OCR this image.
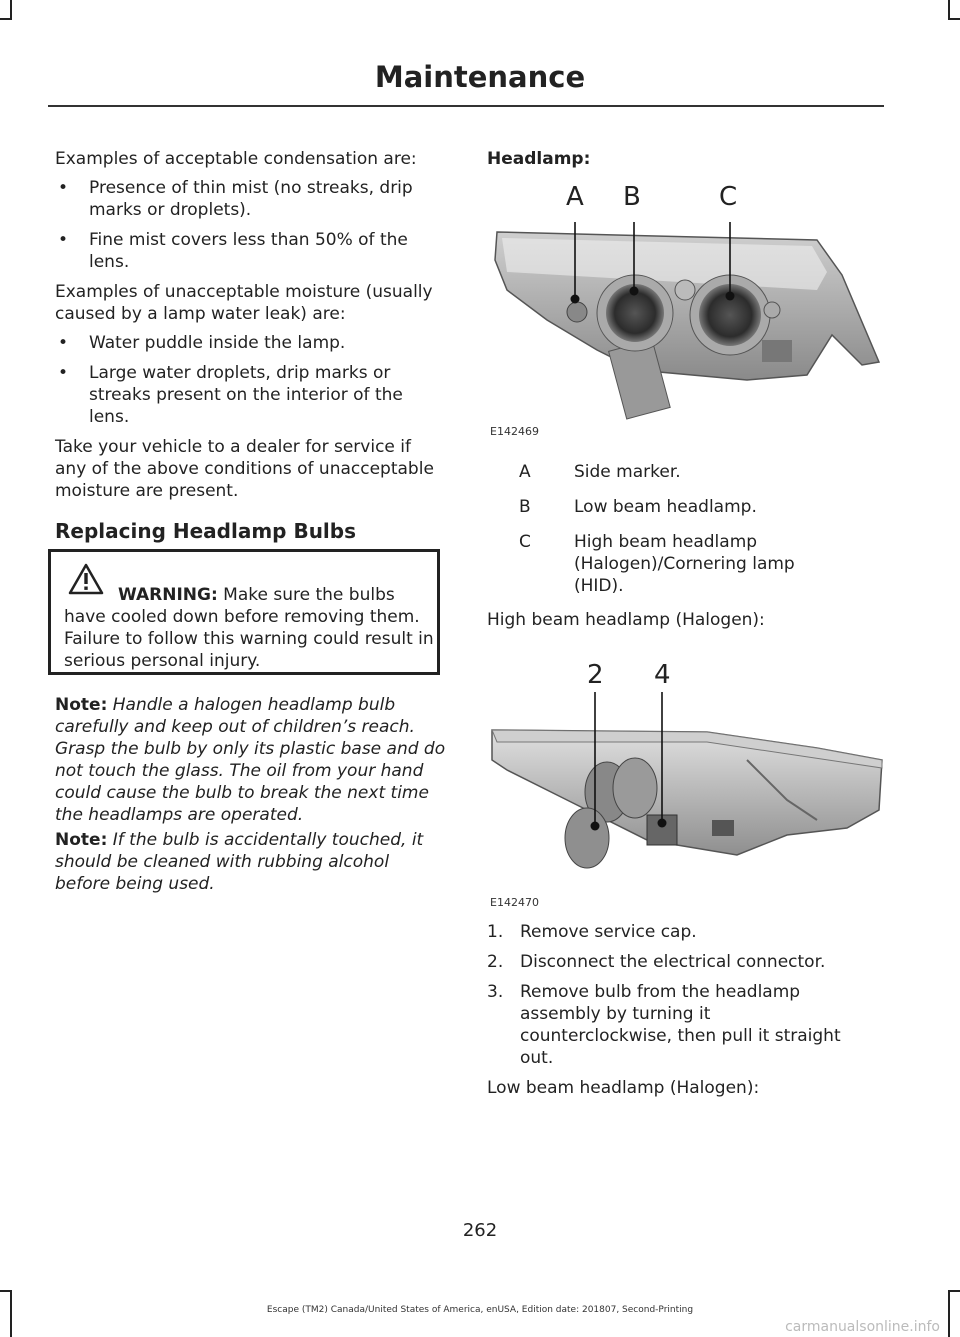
Maintenance

Examples of acceptable condensation are:

• Presence of thin mist (no streaks, drip marks or droplets).
• Fine mist covers less than 50% of the lens.

Examples of unacceptable moisture (usually caused by a lamp water leak) are:

• Water puddle inside the lamp.
• Large water droplets, drip marks or streaks present on the interior of the lens.

Take your vehicle to a dealer for service if any of the above conditions of unacceptable moisture are present.

Replacing Headlamp Bulbs

WARNING: Make sure the bulbs have cooled down before removing them. Failure to follow this warning could result in serious personal injury.
Note: Handle a halogen headlamp bulb carefully and keep out of children’s reach. Grasp the bulb by only its plastic base and do not touch the glass. The oil from your hand could cause the bulb to break the next time the headlamps are operated.
Note: If the bulb is accidentally touched, it should be cleaned with rubbing alcohol before being used.
Headlamp:
A B	C
E142469
A	Side marker.
B	Low beam headlamp.
C	High beam headlamp (Halogen)/Cornering lamp (HID).
High beam headlamp (Halogen):
2 4
E142470
1. Remove service cap.
2. Disconnect the electrical connector.
3. Remove bulb from the headlamp assembly by turning it counterclockwise, then pull it straight out.

Low beam headlamp (Halogen):

262
Escape (TM2) Canada/United States of America, enUSA, Edition date: 201807, Second-Printing
carmanualsonline.info
